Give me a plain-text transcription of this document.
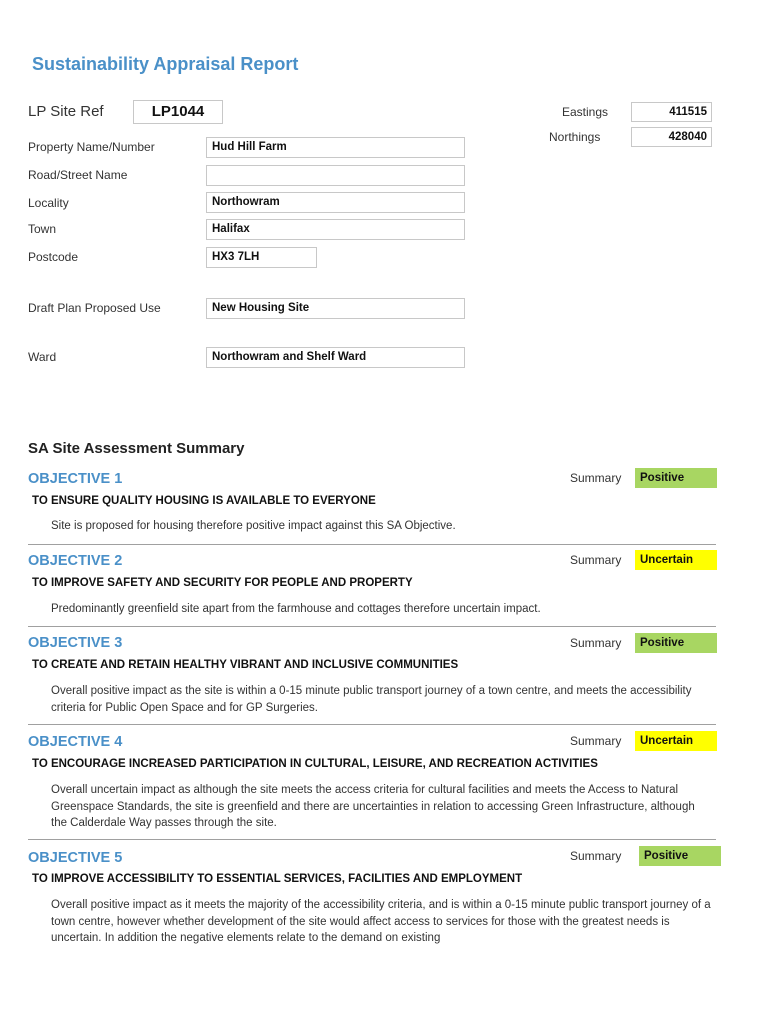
Sustainability Appraisal Report
LP Site Ref	LP1044	Eastings	411515
Northings	428040
Property Name/Number	Hud Hill Farm
Road/Street Name
Locality	Northowram
Town	Halifax
Postcode	HX3 7LH
Draft Plan Proposed Use	New Housing Site
Ward	Northowram and Shelf Ward
SA Site Assessment Summary
OBJECTIVE 1	Summary	Positive
TO ENSURE QUALITY HOUSING IS AVAILABLE TO EVERYONE
Site is proposed for housing therefore positive impact against this SA Objective.
OBJECTIVE 2	Summary	Uncertain
TO IMPROVE SAFETY AND SECURITY FOR PEOPLE AND PROPERTY
Predominantly greenfield site apart from the farmhouse and cottages therefore uncertain impact.
OBJECTIVE 3	Summary	Positive
TO CREATE AND RETAIN HEALTHY VIBRANT AND INCLUSIVE COMMUNITIES
Overall positive impact as the site is within a 0-15 minute public transport journey of a town centre, and meets the accessibility criteria for Public Open Space and for GP Surgeries.
OBJECTIVE 4	Summary	Uncertain
TO ENCOURAGE INCREASED PARTICIPATION IN CULTURAL, LEISURE, AND RECREATION ACTIVITIES
Overall uncertain impact as although the site meets the access criteria for cultural facilities and meets the Access to Natural Greenspace Standards, the site is greenfield and there are uncertainties in relation to accessing Green Infrastructure, although the Calderdale Way passes through the site.
OBJECTIVE 5	Summary	Positive
TO IMPROVE ACCESSIBILITY TO ESSENTIAL SERVICES, FACILITIES AND EMPLOYMENT
Overall positive impact as it meets the majority of the accessibility criteria, and is within a 0-15 minute public transport journey of a town centre, however whether development of the site would affect access to services for those with the greatest needs is uncertain. In addition the negative elements relate to the demand on existing
